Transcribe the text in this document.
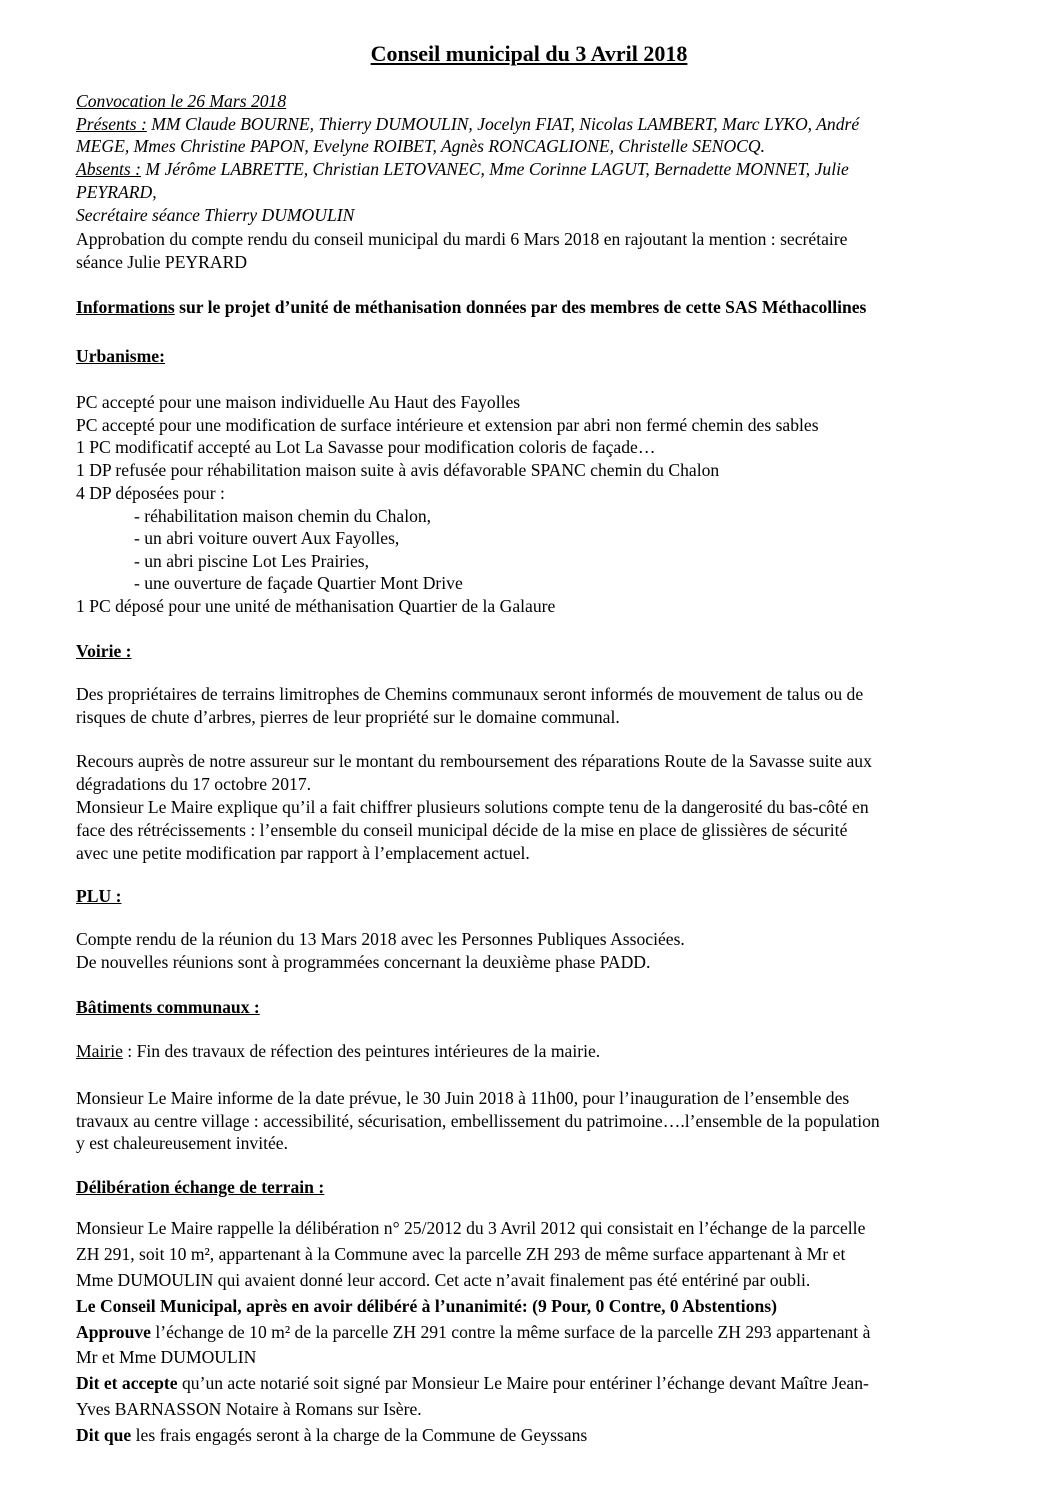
Conseil municipal du 3 Avril 2018

Convocation le 26 Mars 2018

Présents : MM Claude BOURNE, Thierry DUMOULIN, Jocelyn FIAT, Nicolas LAMBERT, Marc LYKO, André

MEGE, Mmes Christine PAPON, Evelyne ROIBET, Agnès RONCAGLIONE, Christelle SENOCQ.

Absents : M Jérôme LABRETTE, Christian LETOVANEC, Mme Corinne LAGUT, Bernadette MONNET, Julie

PEYRARD,

Secrétaire séance Thierry DUMOULIN

Approbation du compte rendu du conseil municipal du mardi 6 Mars 2018 en rajoutant la mention : secrétaire

séance Julie PEYRARD

Informations sur le projet d’unité de méthanisation données par des membres de cette SAS Méthacollines

Urbanisme:

PC accepté pour une maison individuelle Au Haut des Fayolles

PC accepté pour une modification de surface intérieure et extension par abri non fermé chemin des sables

1 PC modificatif accepté au Lot La Savasse pour modification coloris de façade…

1 DP refusée pour réhabilitation maison suite à avis défavorable SPANC chemin du Chalon

4 DP déposées pour :

- réhabilitation maison chemin du Chalon,

- un abri voiture ouvert Aux Fayolles,

- un abri piscine Lot Les Prairies,

- une ouverture de façade Quartier Mont Drive

1 PC déposé pour une unité de méthanisation Quartier de la Galaure

Voirie :

Des propriétaires de terrains limitrophes de Chemins communaux seront informés de mouvement de talus ou de

risques de chute d’arbres, pierres de leur propriété sur le domaine communal.

Recours auprès de notre assureur sur le montant du remboursement des réparations Route de la Savasse suite aux

dégradations du 17 octobre 2017.

Monsieur Le Maire explique qu’il a fait chiffrer plusieurs solutions compte tenu de la dangerosité du bas-côté en

face des rétrécissements : l’ensemble du conseil municipal décide de la mise en place de glissières de sécurité

avec une petite modification par rapport à l’emplacement actuel.

PLU :

Compte rendu de la réunion du 13 Mars 2018 avec les Personnes Publiques Associées.

De nouvelles réunions sont à programmées concernant la deuxième phase PADD.

Bâtiments communaux :

Mairie : Fin des travaux de réfection des peintures intérieures de la mairie.

Monsieur Le Maire informe de la date prévue, le 30 Juin 2018 à 11h00, pour l’inauguration de l’ensemble des

travaux au centre village : accessibilité, sécurisation, embellissement du patrimoine….l’ensemble de la population

y est chaleureusement invitée.

Délibération échange de terrain :

Monsieur Le Maire rappelle la délibération n° 25/2012 du 3 Avril 2012 qui consistait en l’échange de la parcelle

ZH 291, soit 10 m², appartenant à la Commune avec la parcelle ZH 293 de même surface appartenant à Mr et

Mme DUMOULIN qui avaient donné leur accord. Cet acte n’avait finalement pas été entériné par oubli.

Le Conseil Municipal, après en avoir délibéré à l’unanimité: (9 Pour, 0 Contre, 0 Abstentions)

Approuve l’échange de 10 m² de la parcelle ZH 291 contre la même surface de la parcelle ZH 293 appartenant à

Mr et Mme DUMOULIN

Dit et accepte qu’un acte notarié soit signé par Monsieur Le Maire pour entériner l’échange devant Maître Jean-

Yves BARNASSON Notaire à Romans sur Isère.

Dit que les frais engagés seront à la charge de la Commune de Geyssans
